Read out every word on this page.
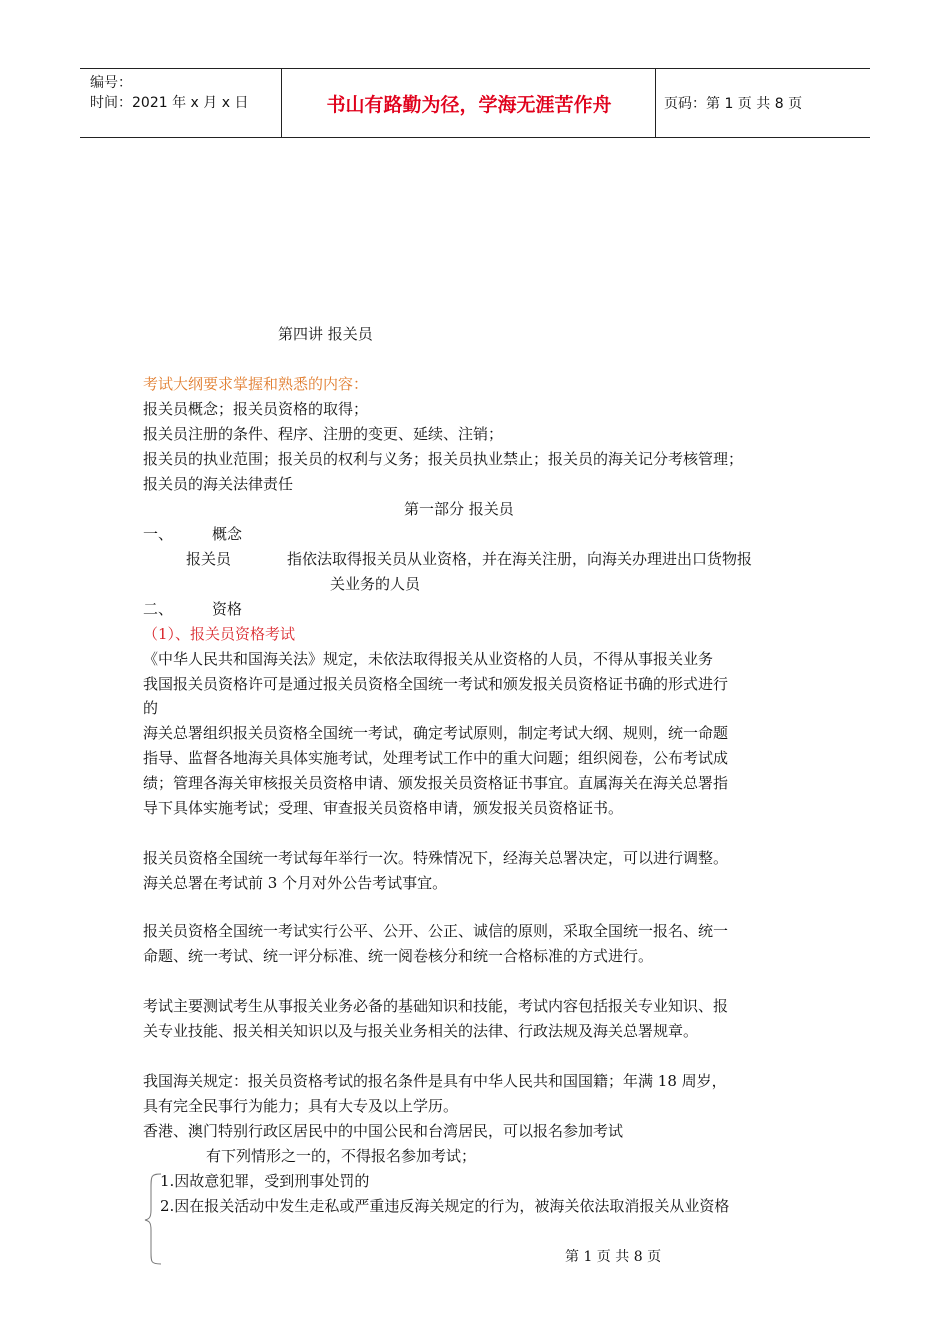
编号：
时间：2021 年 x 月 x 日	书山有路勤为径，学海无涯苦作舟	页码：第 1 页 共 8 页
第四讲 报关员
考试大纲要求掌握和熟悉的内容：
报关员概念；报关员资格的取得；
报关员注册的条件、程序、注册的变更、延续、注销；
报关员的执业范围；报关员的权利与义务；报关员执业禁止；报关员的海关记分考核管理；
报关员的海关法律责任
第一部分 报关员
一、	概念
报关员	指依法取得报关员从业资格，并在海关注册，向海关办理进出口货物报
关业务的人员
二、	资格
（1）、报关员资格考试
《中华人民共和国海关法》规定，未依法取得报关从业资格的人员，不得从事报关业务
我国报关员资格许可是通过报关员资格全国统一考试和颁发报关员资格证书确的形式进行
的
海关总署组织报关员资格全国统一考试，确定考试原则，制定考试大纲、规则，统一命题
指导、监督各地海关具体实施考试，处理考试工作中的重大问题；组织阅卷，公布考试成
绩；管理各海关审核报关员资格申请、颁发报关员资格证书事宜。直属海关在海关总署指
导下具体实施考试；受理、审查报关员资格申请，颁发报关员资格证书。
报关员资格全国统一考试每年举行一次。特殊情况下，经海关总署决定，可以进行调整。
海关总署在考试前 3 个月对外公告考试事宜。
报关员资格全国统一考试实行公平、公开、公正、诚信的原则，采取全国统一报名、统一
命题、统一考试、统一评分标准、统一阅卷核分和统一合格标准的方式进行。
考试主要测试考生从事报关业务必备的基础知识和技能，考试内容包括报关专业知识、报
关专业技能、报关相关知识以及与报关业务相关的法律、行政法规及海关总署规章。
我国海关规定：报关员资格考试的报名条件是具有中华人民共和国国籍；年满 18 周岁，
具有完全民事行为能力；具有大专及以上学历。
香港、澳门特别行政区居民中的中国公民和台湾居民，可以报名参加考试
有下列情形之一的，不得报名参加考试；
1.因故意犯罪，受到刑事处罚的
2.因在报关活动中发生走私或严重违反海关规定的行为，被海关依法取消报关从业资格
第 1 页 共 8 页
